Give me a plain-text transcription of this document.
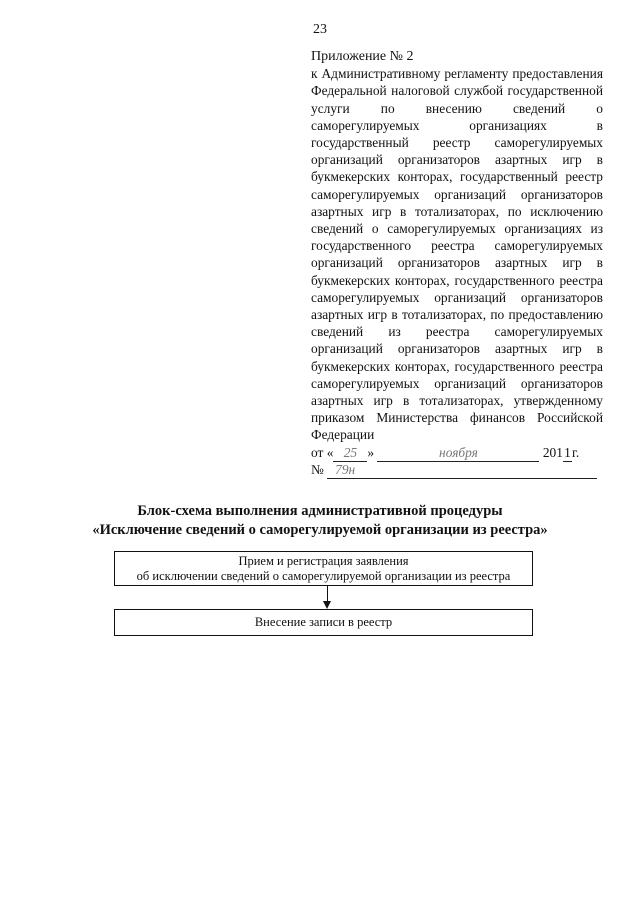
23
Приложение № 2
к Административному регламенту предоставления Федеральной налоговой службой государственной услуги по внесению сведений о саморегулируемых организациях в государственный реестр саморегулируемых организаций организаторов азартных игр в букмекерских конторах, государственный реестр саморегулируемых организаций организаторов азартных игр в тотализаторах, по исключению сведений о саморегулируемых организациях из государственного реестра саморегулируемых организаций организаторов азартных игр в букмекерских конторах, государственного реестра саморегулируемых организаций организаторов азартных игр в тотализаторах, по предоставлению сведений из реестра саморегулируемых организаций организаторов азартных игр в букмекерских конторах, государственного реестра саморегулируемых организаций организаторов азартных игр в тотализаторах, утвержденному приказом Министерства финансов Российской Федерации
от « 25 »	ноября	2011г.
№ 79н
Блок-схема выполнения административной процедуры
«Исключение сведений о саморегулируемой организации из реестра»
Прием и регистрация заявления
об исключении сведений о саморегулируемой организации из реестра
Внесение записи в реестр
